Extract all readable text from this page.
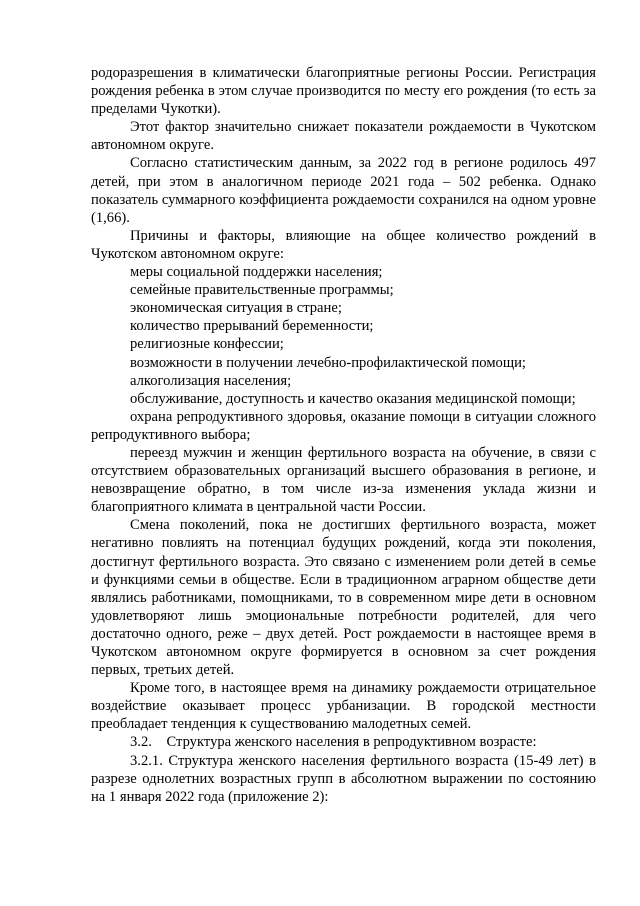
родоразрешения в климатически благоприятные регионы России. Регистрация рождения ребенка в этом случае производится по месту его рождения (то есть за пределами Чукотки).

Этот фактор значительно снижает показатели рождаемости в Чукотском автономном округе.

Согласно статистическим данным, за 2022 год в регионе родилось 497 детей, при этом в аналогичном периоде 2021 года – 502 ребенка. Однако показатель суммарного коэффициента рождаемости сохранился на одном уровне (1,66).

Причины и факторы, влияющие на общее количество рождений в Чукотском автономном округе:

меры социальной поддержки населения;

семейные правительственные программы;

экономическая ситуация в стране;

количество прерываний беременности;

религиозные конфессии;

возможности в получении лечебно-профилактической помощи;

алкоголизация населения;

обслуживание, доступность и качество оказания медицинской помощи;

охрана репродуктивного здоровья, оказание помощи в ситуации сложного репродуктивного выбора;

переезд мужчин и женщин фертильного возраста на обучение, в связи с отсутствием образовательных организаций высшего образования в регионе, и невозвращение обратно, в том числе из-за изменения уклада жизни и благоприятного климата в центральной части России.

Смена поколений, пока не достигших фертильного возраста, может негативно повлиять на потенциал будущих рождений, когда эти поколения, достигнут фертильного возраста. Это связано с изменением роли детей в семье и функциями семьи в обществе. Если в традиционном аграрном обществе дети являлись работниками, помощниками, то в современном мире дети в основном удовлетворяют лишь эмоциональные потребности родителей, для чего достаточно одного, реже – двух детей. Рост рождаемости в настоящее время в Чукотском автономном округе формируется в основном за счет рождения первых, третьих детей.

Кроме того, в настоящее время на динамику рождаемости отрицательное воздействие оказывает процесс урбанизации. В городской местности преобладает тенденция к существованию малодетных семей.

3.2. Структура женского населения в репродуктивном возрасте:

3.2.1. Структура женского населения фертильного возраста (15-49 лет) в разрезе однолетних возрастных групп в абсолютном выражении по состоянию на 1 января 2022 года (приложение 2):
